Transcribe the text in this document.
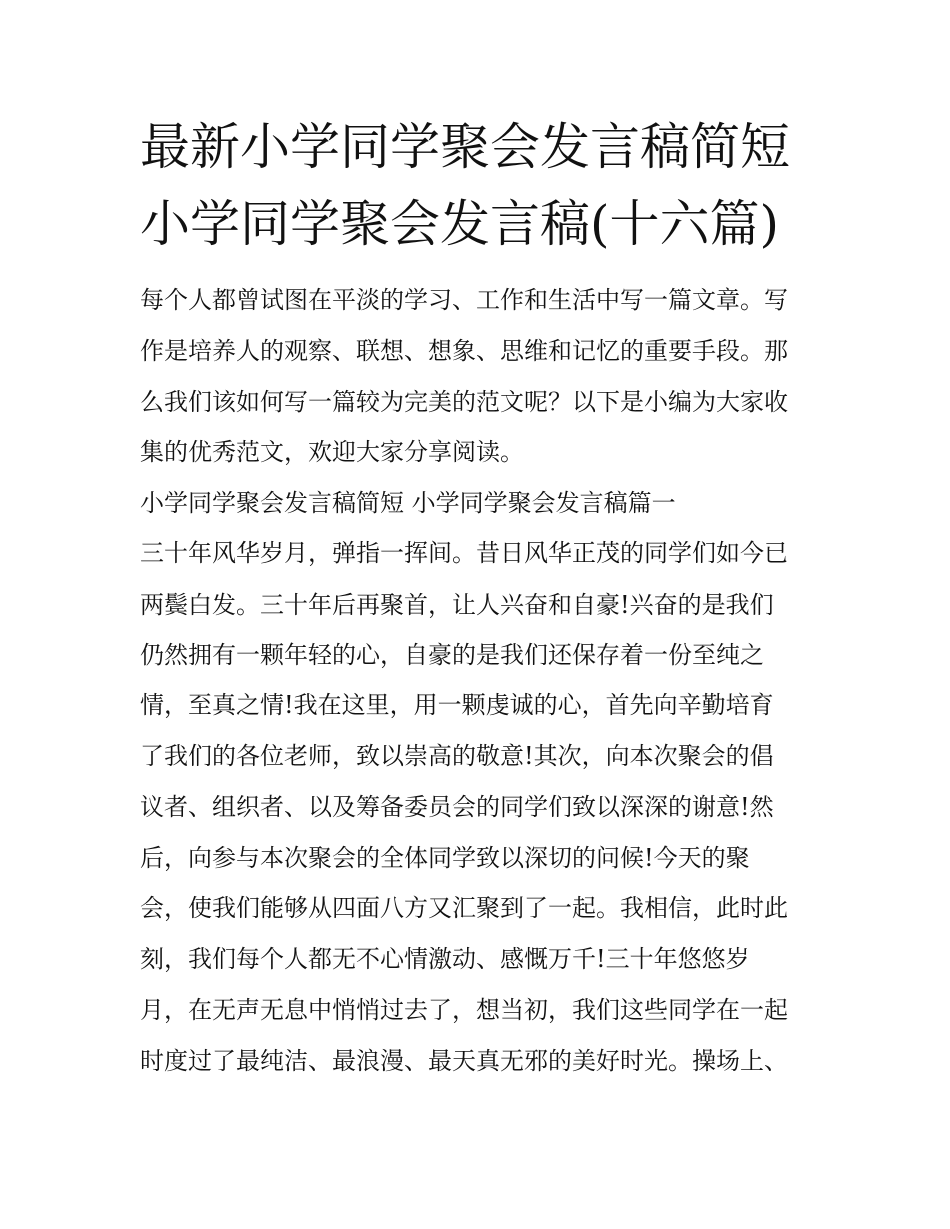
最新小学同学聚会发言稿简短
小学同学聚会发言稿(十六篇)
每个人都曾试图在平淡的学习、工作和生活中写一篇文章。写
作是培养人的观察、联想、想象、思维和记忆的重要手段。那
么我们该如何写一篇较为完美的范文呢？以下是小编为大家收
集的优秀范文，欢迎大家分享阅读。
小学同学聚会发言稿简短 小学同学聚会发言稿篇一
三十年风华岁月，弹指一挥间。昔日风华正茂的同学们如今已
两鬓白发。三十年后再聚首，让人兴奋和自豪!兴奋的是我们
仍然拥有一颗年轻的心，自豪的是我们还保存着一份至纯之
情，至真之情!我在这里，用一颗虔诚的心，首先向辛勤培育
了我们的各位老师，致以崇高的敬意!其次，向本次聚会的倡
议者、组织者、以及筹备委员会的同学们致以深深的谢意!然
后，向参与本次聚会的全体同学致以深切的问候!今天的聚
会，使我们能够从四面八方又汇聚到了一起。我相信，此时此
刻，我们每个人都无不心情激动、感慨万千!三十年悠悠岁
月，在无声无息中悄悄过去了，想当初，我们这些同学在一起
时度过了最纯洁、最浪漫、最天真无邪的美好时光。操场上、
